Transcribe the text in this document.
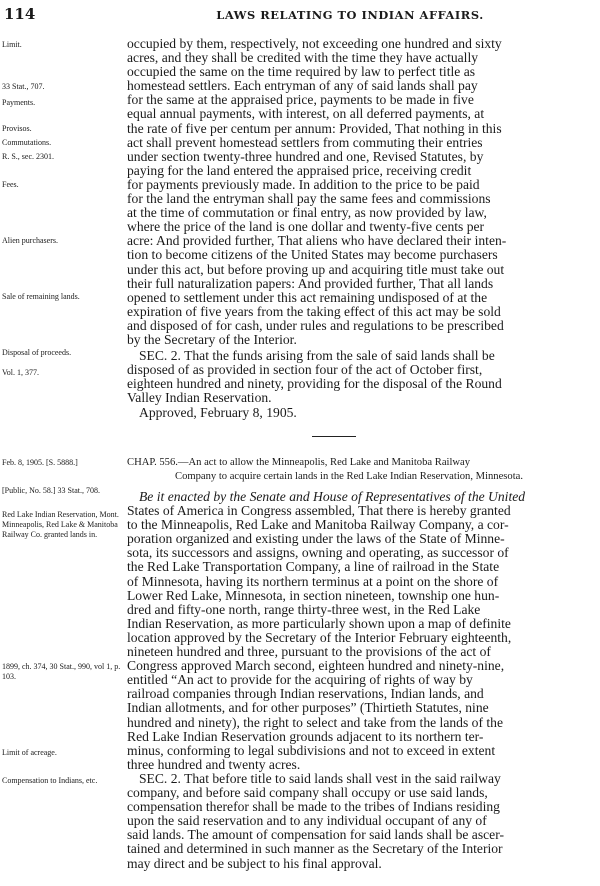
114	LAWS RELATING TO INDIAN AFFAIRS.
Limit.
33 Stat., 707.
Payments.
Provisos.
Commutations.
R. S., sec. 2301.
Fees.
Alien purchasers.
Sale of remaining lands.
Disposal of proceeds.
Vol. 1, 377.
Feb. 8, 1905. [S. 5888.]
[Public, No. 58.] 33 Stat., 708.
Red Lake Indian Reservation, Mont. Minneapolis, Red Lake & Manitoba Railway Co. granted lands in.
1899, ch. 374, 30 Stat., 990, vol 1, p. 103.
Limit of acreage.
Compensation to Indians, etc.
occupied by them, respectively, not exceeding one hundred and sixty
acres, and they shall be credited with the time they have actually
occupied the same on the time required by law to perfect title as
homestead settlers. Each entryman of any of said lands shall pay
for the same at the appraised price, payments to be made in five
equal annual payments, with interest, on all deferred payments, at
the rate of five per centum per annum: Provided, That nothing in this
act shall prevent homestead settlers from commuting their entries
under section twenty-three hundred and one, Revised Statutes, by
paying for the land entered the appraised price, receiving credit
for payments previously made. In addition to the price to be paid
for the land the entryman shall pay the same fees and commissions
at the time of commutation or final entry, as now provided by law,
where the price of the land is one dollar and twenty-five cents per
acre: And provided further, That aliens who have declared their inten-
tion to become citizens of the United States may become purchasers
under this act, but before proving up and acquiring title must take out
their full naturalization papers: And provided further, That all lands
opened to settlement under this act remaining undisposed of at the
expiration of five years from the taking effect of this act may be sold
and disposed of for cash, under rules and regulations to be prescribed
by the Secretary of the Interior.
SEC. 2. That the funds arising from the sale of said lands shall be
disposed of as provided in section four of the act of October first,
eighteen hundred and ninety, providing for the disposal of the Round
Valley Indian Reservation.
Approved, February 8, 1905.
CHAP. 556.—An act to allow the Minneapolis, Red Lake and Manitoba Railway
Company to acquire certain lands in the Red Lake Indian Reservation, Minnesota.
Be it enacted by the Senate and House of Representatives of the United
States of America in Congress assembled, That there is hereby granted
to the Minneapolis, Red Lake and Manitoba Railway Company, a cor-
poration organized and existing under the laws of the State of Minne-
sota, its successors and assigns, owning and operating, as successor of
the Red Lake Transportation Company, a line of railroad in the State
of Minnesota, having its northern terminus at a point on the shore of
Lower Red Lake, Minnesota, in section nineteen, township one hun-
dred and fifty-one north, range thirty-three west, in the Red Lake
Indian Reservation, as more particularly shown upon a map of definite
location approved by the Secretary of the Interior February eighteenth,
nineteen hundred and three, pursuant to the provisions of the act of
Congress approved March second, eighteen hundred and ninety-nine,
entitled “An act to provide for the acquiring of rights of way by
railroad companies through Indian reservations, Indian lands, and
Indian allotments, and for other purposes” (Thirtieth Statutes, nine
hundred and ninety), the right to select and take from the lands of the
Red Lake Indian Reservation grounds adjacent to its northern ter-
minus, conforming to legal subdivisions and not to exceed in extent
three hundred and twenty acres.
SEC. 2. That before title to said lands shall vest in the said railway
company, and before said company shall occupy or use said lands,
compensation therefor shall be made to the tribes of Indians residing
upon the said reservation and to any individual occupant of any of
said lands. The amount of compensation for said lands shall be ascer-
tained and determined in such manner as the Secretary of the Interior
may direct and be subject to his final approval.
